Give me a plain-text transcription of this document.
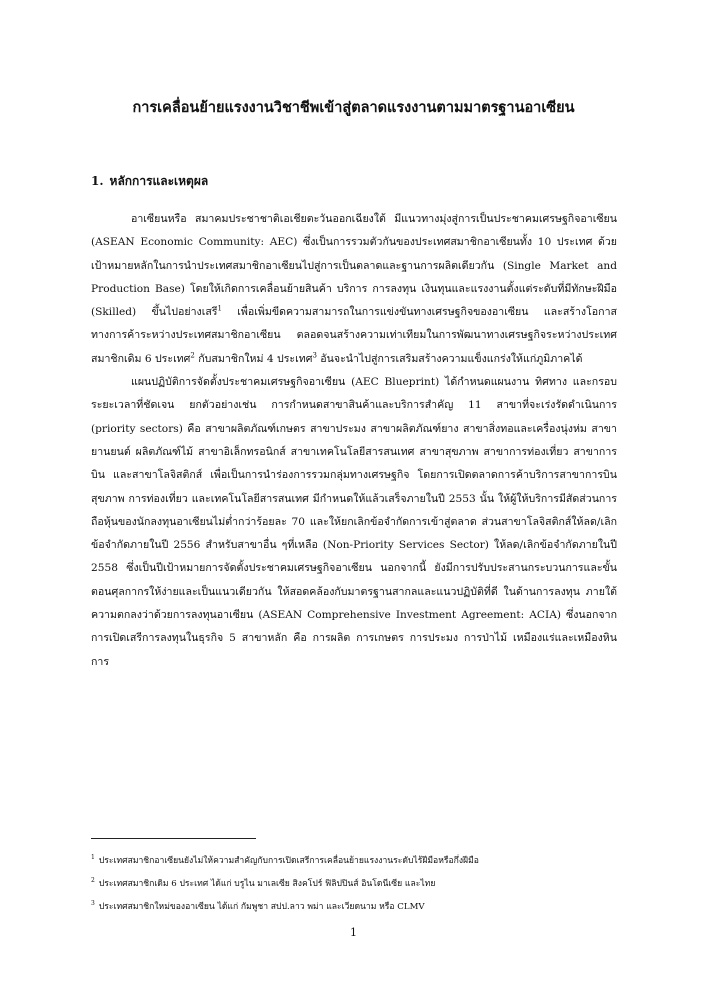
การเคลื่อนย้ายแรงงานวิชาชีพเข้าสู่ตลาดแรงงานตามมาตรฐานอาเซียน
1. หลักการและเหตุผล

อาเซียนหรือ สมาคมประชาชาติเอเชียตะวันออกเฉียงใต้ มีแนวทางมุ่งสู่การเป็นประชาคมเศรษฐกิจอาเซียน (ASEAN Economic Community: AEC) ซึ่งเป็นการรวมตัวกันของประเทศสมาชิกอาเซียนทั้ง 10 ประเทศ ด้วยเป้าหมายหลักในการนำประเทศสมาชิกอาเซียนไปสู่การเป็นตลาดและฐานการผลิตเดียวกัน (Single Market and Production Base) โดยให้เกิดการเคลื่อนย้ายสินค้า บริการ การลงทุน เงินทุนและแรงงานตั้งแต่ระดับที่มีทักษะฝีมือ (Skilled) ขึ้นไปอย่างเสรี$^1$ เพื่อเพิ่มขีดความสามารถในการแข่งขันทางเศรษฐกิจของอาเซียน และสร้างโอกาสทางการค้าระหว่างประเทศสมาชิกอาเซียน ตลอดจนสร้างความเท่าเทียมในการพัฒนาทางเศรษฐกิจระหว่างประเทศสมาชิกเดิม 6 ประเทศ$^2$ กับสมาชิกใหม่ 4 ประเทศ$^3$ อันจะนำไปสู่การเสริมสร้างความแข็งแกร่งให้แก่ภูมิภาคได้

แผนปฏิบัติการจัดตั้งประชาคมเศรษฐกิจอาเซียน (AEC Blueprint) ได้กำหนดแผนงาน ทิศทาง และกรอบระยะเวลาที่ชัดเจน ยกตัวอย่างเช่น การกำหนดสาขาสินค้าและบริการสำคัญ 11 สาขาที่จะเร่งรัดดำเนินการ (priority sectors) คือ สาขาผลิตภัณฑ์เกษตร สาขาประมง สาขาผลิตภัณฑ์ยาง สาขาสิ่งทอและเครื่องนุ่งห่ม สาขายานยนต์ ผลิตภัณฑ์ไม้ สาขาอิเล็กทรอนิกส์ สาขาเทคโนโลยีสารสนเทศ สาขาสุขภาพ สาขาการท่องเที่ยว สาขาการบิน และสาขาโลจิสติกส์ เพื่อเป็นการนำร่องการรวมกลุ่มทางเศรษฐกิจ โดยการเปิดตลาดการค้าบริการสาขาการบิน สุขภาพ การท่องเที่ยว และเทคโนโลยีสารสนเทศ มีกำหนดให้แล้วเสร็จภายในปี 2553 นั้น ให้ผู้ให้บริการมีสัดส่วนการถือหุ้นของนักลงทุนอาเซียนไม่ต่ำกว่าร้อยละ 70 และให้ยกเลิกข้อจำกัดการเข้าสู่ตลาด ส่วนสาขาโลจิสติกส์ให้ลด/เลิกข้อจำกัดภายในปี 2556 สำหรับสาขาอื่น ๆที่เหลือ (Non-Priority Services Sector) ให้ลด/เลิกข้อจำกัดภายในปี 2558 ซึ่งเป็นปีเป้าหมายการจัดตั้งประชาคมเศรษฐกิจอาเซียน นอกจากนี้ ยังมีการปรับประสานกระบวนการและขั้นตอนศุลกากรให้ง่ายและเป็นแนวเดียวกัน ให้สอดคล้องกับมาตรฐานสากลและแนวปฏิบัติที่ดี ในด้านการลงทุน ภายใต้ความตกลงว่าด้วยการลงทุนอาเซียน (ASEAN Comprehensive Investment Agreement: ACIA) ซึ่งนอกจากการเปิดเสรีการลงทุนในธุรกิจ 5 สาขาหลัก คือ การผลิต การเกษตร การประมง การป่าไม้ เหมืองแร่และเหมืองหิน การ

$^1$ ประเทศสมาชิกอาเซียนยังไม่ให้ความสำคัญกับการเปิดเสรีการเคลื่อนย้ายแรงงานระดับไร้ฝีมือหรือกึ่งฝีมือ

$^2$ ประเทศสมาชิกเดิม 6 ประเทศ ได้แก่ บรูไน มาเลเซีย สิงคโปร์ ฟิลิปปินส์ อินโดนีเซีย และไทย

$^3$ ประเทศสมาชิกใหม่ของอาเซียน ได้แก่ กัมพูชา สปป.ลาว พม่า และเวียดนาม หรือ CLMV

1
